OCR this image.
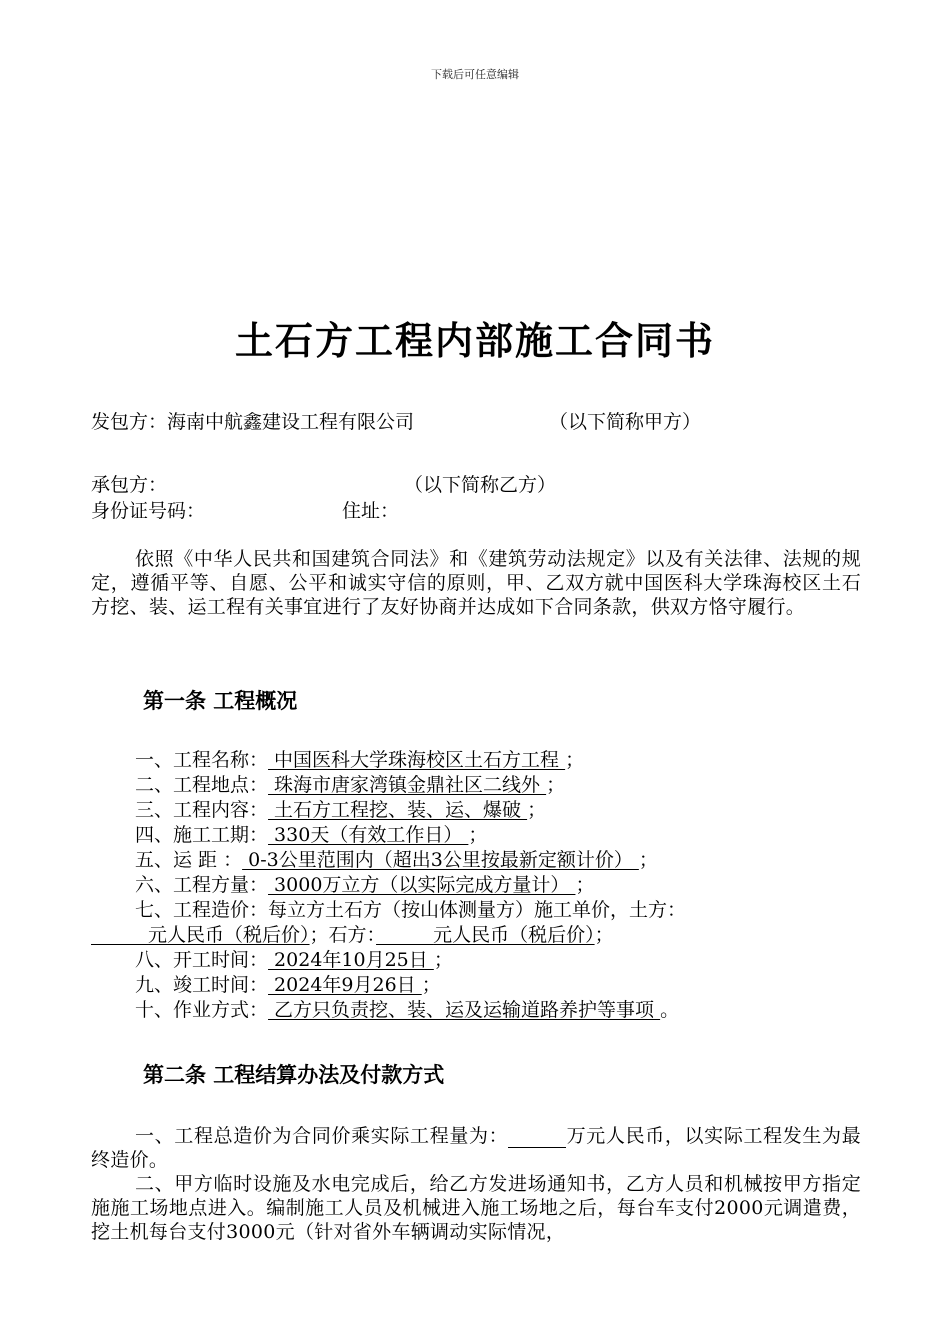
下载后可任意编辑
土石方工程内部施工合同书
发包方：海南中航鑫建设工程有限公司	（以下简称甲方）
承包方：	（以下简称乙方）
身份证号码：	住址：
依照《中华人民共和国建筑合同法》和《建筑劳动法规定》以及有关法律、法规的规定，遵循平等、自愿、公平和诚实守信的原则，甲、乙双方就中国医科大学珠海校区土石方挖、装、运工程有关事宜进行了友好协商并达成如下合同条款，供双方恪守履行。
第一条 工程概况
一、工程名称： 中国医科大学珠海校区土石方工程 ；
二、工程地点： 珠海市唐家湾镇金鼎社区二线外 ；
三、工程内容： 土石方工程挖、装、运、爆破 ；
四、施工工期： 330天（有效工作日） ；
五、运 距 ： 0-3公里范围内（超出3公里按最新定额计价） ；
六、工程方量： 3000万立方（以实际完成方量计） ；
七、工程造价：每立方土石方（按山体测量方）施工单价，土方：
　　　元人民币（税后价）；石方：　　　	元人民币（税后价）；
八、开工时间： 2024年10月25日 ；
九、竣工时间： 2024年9月26日 ；
十、作业方式： 乙方只负责挖、装、运及运输道路养护等事项 。
第二条 工程结算办法及付款方式
一、工程总造价为合同价乘实际工程量为：	万元人民币，以实际工程发生为最终造价。
二、甲方临时设施及水电完成后，给乙方发进场通知书，乙方人员和机械按甲方指定施施工场地点进入。编制施工人员及机械进入施工场地之后，每台车支付2000元调遣费，挖土机每台支付3000元（针对省外车辆调动实际情况，
